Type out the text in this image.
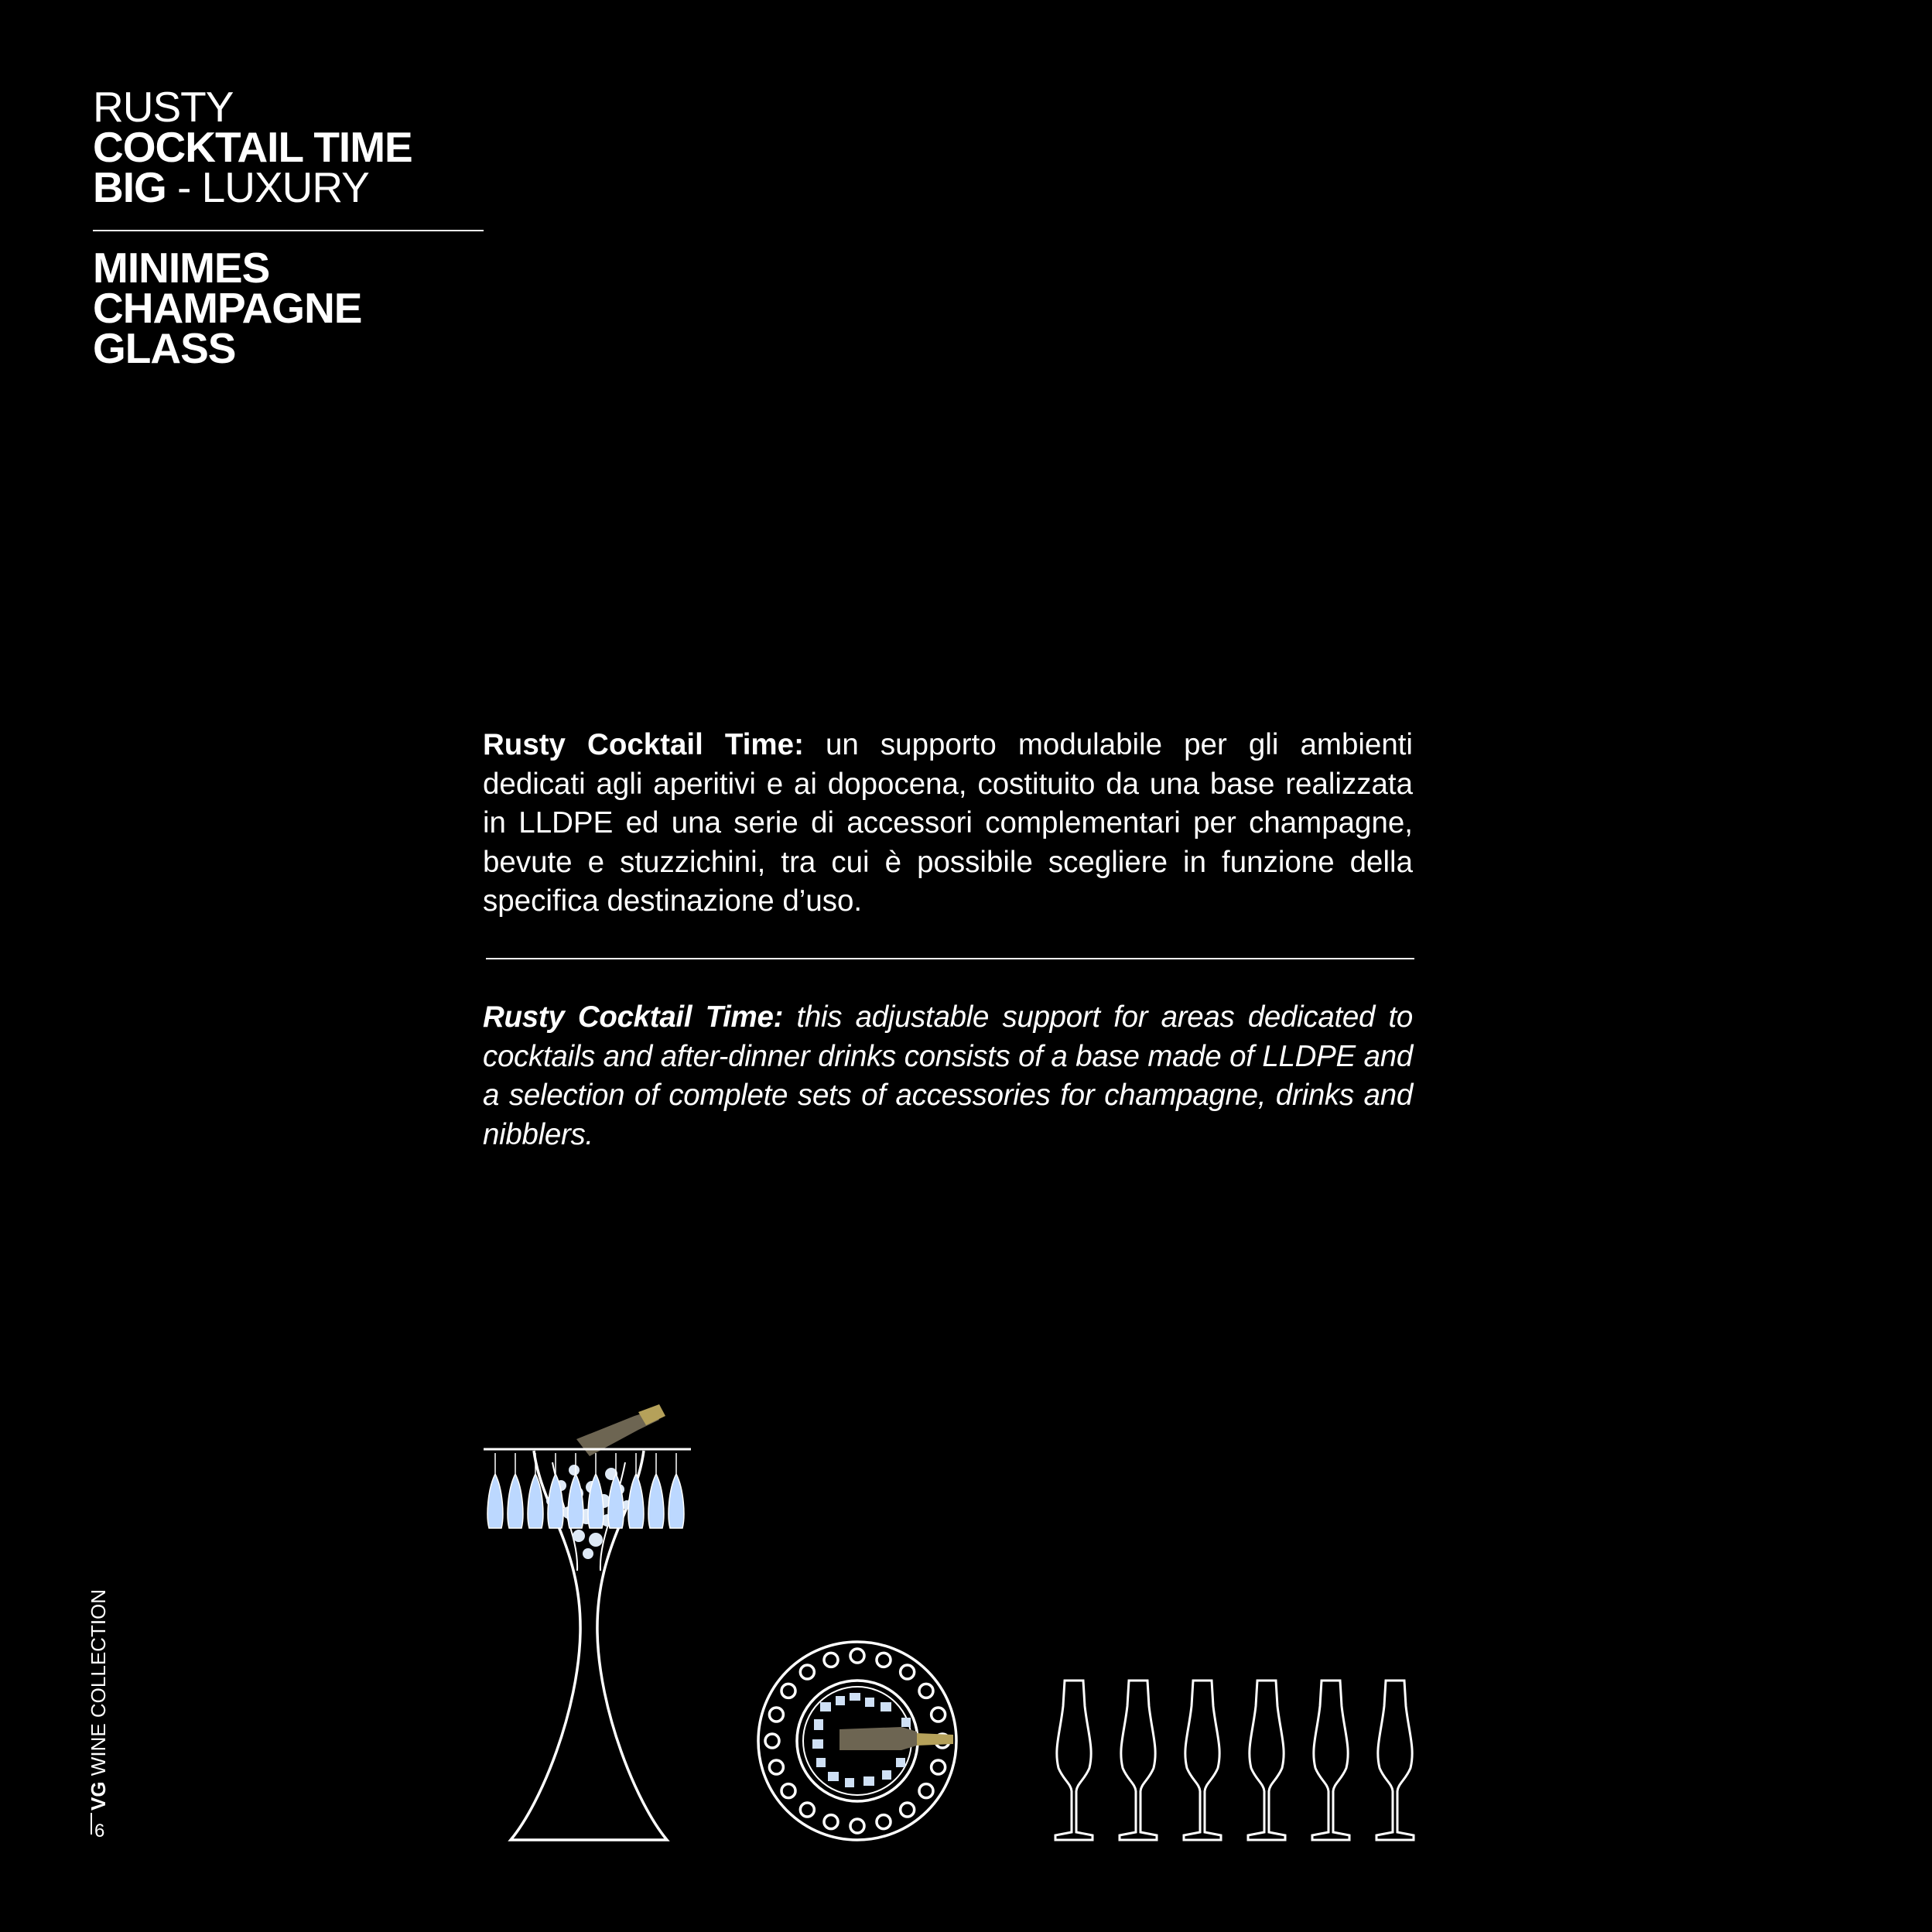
RUSTY
COCKTAIL TIME
BIG - LUXURY
MINIMES
CHAMPAGNE
GLASS
Rusty Cocktail Time: un supporto modulabile per gli ambienti dedicati agli aperitivi e ai dopocena, costituito da una base realizzata in LLDPE ed una serie di accessori complementari per champagne, bevute e stuzzichini, tra cui è possibile scegliere in funzione della specifica destinazione d’uso.
Rusty Cocktail Time: this adjustable support for areas dedicated to cocktails and after-dinner drinks consists of a base made of LLDPE and a selection of complete sets of accessories for champagne, drinks and nibblers.
VG WINE COLLECTION
6
